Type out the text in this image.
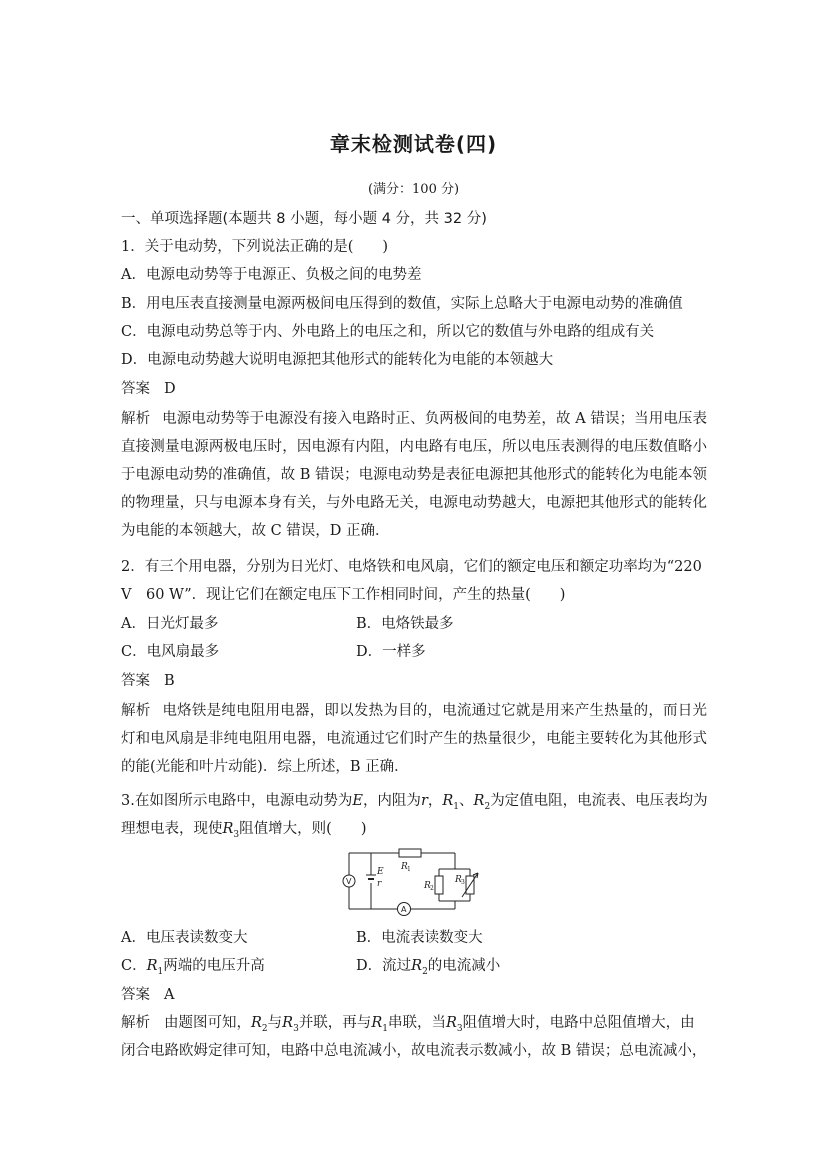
章末检测试卷(四)
(满分：100 分)
一、单项选择题(本题共 8 小题，每小题 4 分，共 32 分)
1．关于电动势，下列说法正确的是(　　)
A．电源电动势等于电源正、负极之间的电势差
B．用电压表直接测量电源两极间电压得到的数值，实际上总略大于电源电动势的准确值
C．电源电动势总等于内、外电路上的电压之和，所以它的数值与外电路的组成有关
D．电源电动势越大说明电源把其他形式的能转化为电能的本领越大
答案 D
解析 电源电动势等于电源没有接入电路时正、负两极间的电势差，故 A 错误；当用电压表直接测量电源两极电压时，因电源有内阻，内电路有电压，所以电压表测得的电压数值略小于电源电动势的准确值，故 B 错误；电源电动势是表征电源把其他形式的能转化为电能本领的物理量，只与电源本身有关，与外电路无关，电源电动势越大，电源把其他形式的能转化为电能的本领越大，故 C 错误，D 正确．
2．有三个用电器，分别为日光灯、电烙铁和电风扇，它们的额定电压和额定功率均为“220
V　60 W”．现让它们在额定电压下工作相同时间，产生的热量(　　)
A．日光灯最多	B．电烙铁最多
C．电风扇最多	D．一样多
答案 B
解析 电烙铁是纯电阻用电器，即以发热为目的，电流通过它就是用来产生热量的，而日光灯和电风扇是非纯电阻用电器，电流通过它们时产生的热量很少，电能主要转化为其他形式的能(光能和叶片动能)．综上所述，B 正确．
3.在如图所示电路中，电源电动势为E，内阻为r，$R_1$、$R_2$为定值电阻，电流表、电压表均为
理想电表，现使$R_3$阻值增大，则(　　)
V
A
E
r
R 1
R 2
R 3
A．电压表读数变大	B．电流表读数变大
C．$R_1$两端的电压升高	D．流过$R_2$的电流减小
答案 A
解析 由题图可知，$R_2$与$R_3$并联，再与$R_1$串联，当$R_3$阻值增大时，电路中总阻值增大，由
闭合电路欧姆定律可知，电路中总电流减小，故电流表示数减小，故 B 错误；总电流减小，
